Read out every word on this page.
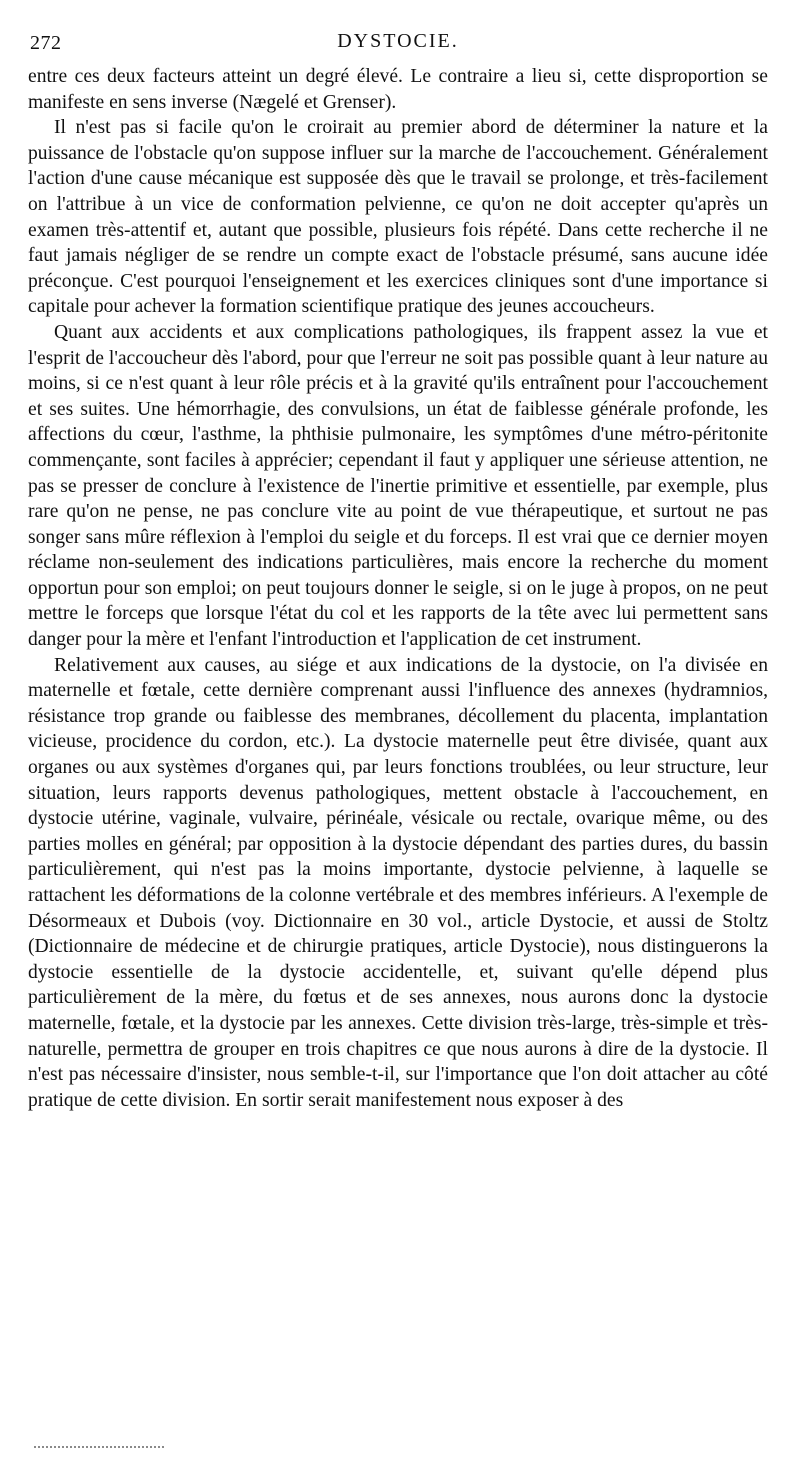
272	DYSTOCIE.

entre ces deux facteurs atteint un degré élevé. Le contraire a lieu si, cette disproportion se manifeste en sens inverse (Nægelé et Grenser).

Il n'est pas si facile qu'on le croirait au premier abord de déterminer la nature et la puissance de l'obstacle qu'on suppose influer sur la marche de l'accouchement. Généralement l'action d'une cause mécanique est supposée dès que le travail se prolonge, et très-facilement on l'attribue à un vice de conformation pelvienne, ce qu'on ne doit accepter qu'après un examen très-attentif et, autant que possible, plusieurs fois répété. Dans cette recherche il ne faut jamais négliger de se rendre un compte exact de l'obstacle présumé, sans aucune idée préconçue. C'est pourquoi l'enseignement et les exercices cliniques sont d'une importance si capitale pour achever la formation scientifique pratique des jeunes accoucheurs.

Quant aux accidents et aux complications pathologiques, ils frappent assez la vue et l'esprit de l'accoucheur dès l'abord, pour que l'erreur ne soit pas possible quant à leur nature au moins, si ce n'est quant à leur rôle précis et à la gravité qu'ils entraînent pour l'accouchement et ses suites. Une hémorrhagie, des convulsions, un état de faiblesse générale profonde, les affections du cœur, l'asthme, la phthisie pulmonaire, les symptômes d'une métro-péritonite commençante, sont faciles à apprécier; cependant il faut y appliquer une sérieuse attention, ne pas se presser de conclure à l'existence de l'inertie primitive et essentielle, par exemple, plus rare qu'on ne pense, ne pas conclure vite au point de vue thérapeutique, et surtout ne pas songer sans mûre réflexion à l'emploi du seigle et du forceps. Il est vrai que ce dernier moyen réclame non-seulement des indications particulières, mais encore la recherche du moment opportun pour son emploi; on peut toujours donner le seigle, si on le juge à propos, on ne peut mettre le forceps que lorsque l'état du col et les rapports de la tête avec lui permettent sans danger pour la mère et l'enfant l'introduction et l'application de cet instrument.

Relativement aux causes, au siége et aux indications de la dystocie, on l'a divisée en maternelle et fœtale, cette dernière comprenant aussi l'influence des annexes (hydramnios, résistance trop grande ou faiblesse des membranes, décollement du placenta, implantation vicieuse, procidence du cordon, etc.). La dystocie maternelle peut être divisée, quant aux organes ou aux systèmes d'organes qui, par leurs fonctions troublées, ou leur structure, leur situation, leurs rapports devenus pathologiques, mettent obstacle à l'accouchement, en dystocie utérine, vaginale, vulvaire, périnéale, vésicale ou rectale, ovarique même, ou des parties molles en général; par opposition à la dystocie dépendant des parties dures, du bassin particulièrement, qui n'est pas la moins importante, dystocie pelvienne, à laquelle se rattachent les déformations de la colonne vertébrale et des membres inférieurs. A l'exemple de Désormeaux et Dubois (voy. Dictionnaire en 30 vol., article Dystocie, et aussi de Stoltz (Dictionnaire de médecine et de chirurgie pratiques, article Dystocie), nous distinguerons la dystocie essentielle de la dystocie accidentelle, et, suivant qu'elle dépend plus particulièrement de la mère, du fœtus et de ses annexes, nous aurons donc la dystocie maternelle, fœtale, et la dystocie par les annexes. Cette division très-large, très-simple et très-naturelle, permettra de grouper en trois chapitres ce que nous aurons à dire de la dystocie. Il n'est pas nécessaire d'insister, nous semble-t-il, sur l'importance que l'on doit attacher au côté pratique de cette division. En sortir serait manifestement nous exposer à des
